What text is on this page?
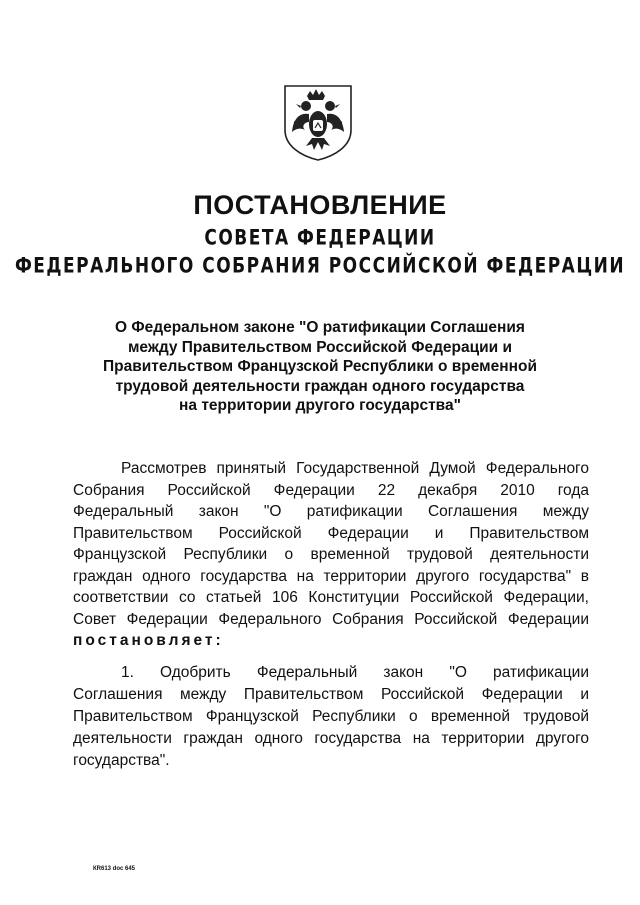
ПОСТАНОВЛЕНИЕ
СОВЕТА ФЕДЕРАЦИИ
ФЕДЕРАЛЬНОГО СОБРАНИЯ РОССИЙСКОЙ ФЕДЕРАЦИИ
О Федеральном законе "О ратификации Соглашения
между Правительством Российской Федерации и
Правительством Французской Республики о временной
трудовой деятельности граждан одного государства
на территории другого государства"
Рассмотрев принятый Государственной Думой Федерального
Собрания Российской Федерации 22 декабря 2010 года
Федеральный закон "О ратификации Соглашения между
Правительством Российской Федерации и Правительством
Французской Республики о временной трудовой деятельности
граждан одного государства на территории другого государства" в
соответствии со статьей 106 Конституции Российской Федерации,
Совет Федерации Федерального Собрания Российской Федерации
постановляет:
1. Одобрить Федеральный закон "О ратификации
Соглашения между Правительством Российской Федерации и
Правительством Французской Республики о временной трудовой
деятельности граждан одного государства на территории другого
государства".
КR613 doc 645
